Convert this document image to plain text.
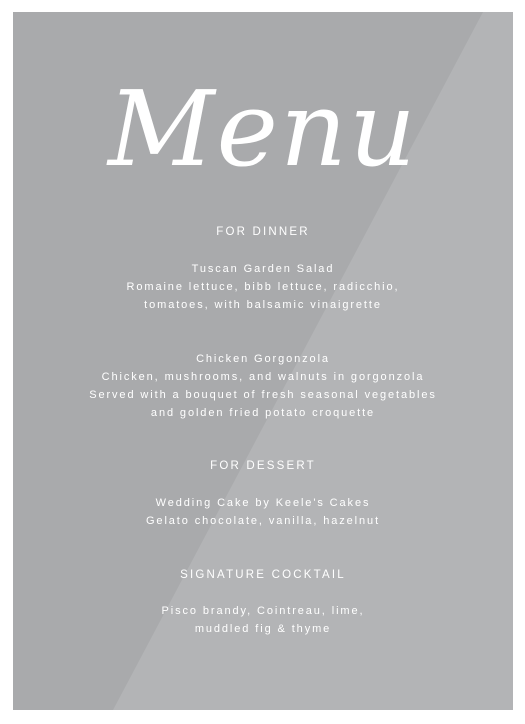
Menu
FOR DINNER
Tuscan Garden Salad
Romaine lettuce, bibb lettuce, radicchio,
tomatoes, with balsamic vinaigrette
Chicken Gorgonzola
Chicken, mushrooms, and walnuts in gorgonzola
Served with a bouquet of fresh seasonal vegetables
and golden fried potato croquette
FOR DESSERT
Wedding Cake by Keele's Cakes
Gelato chocolate, vanilla, hazelnut
SIGNATURE COCKTAIL
Pisco brandy, Cointreau, lime,
muddled fig & thyme
